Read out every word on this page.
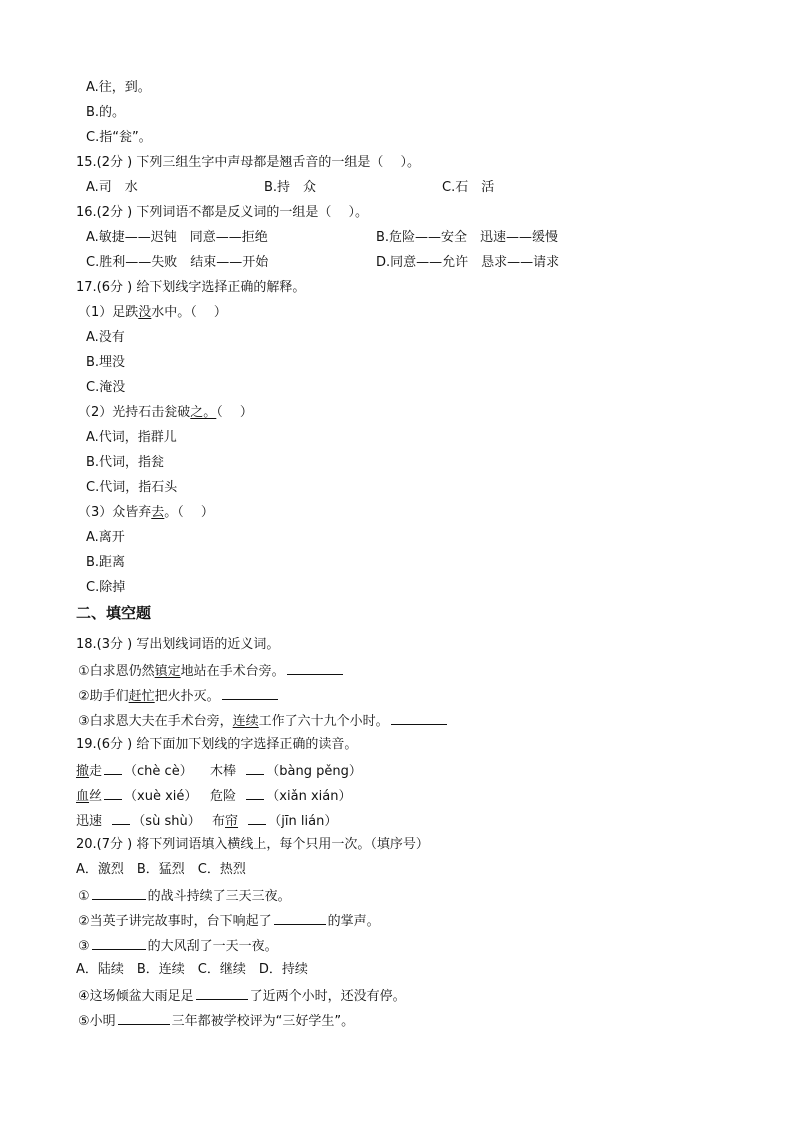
A.往，到。
B.的。
C.指“瓮”。
15.(2分 ) 下列三组生字中声母都是翘舌音的一组是（　 ）。
A.司　水	B.持　众	C.石　活
16.(2分 ) 下列词语不都是反义词的一组是（　 ）。
A.敏捷——迟钝　同意——拒绝	B.危险——安全　迅速——缓慢
C.胜利——失败　结束——开始	D.同意——允许　恳求——请求
17.(6分 ) 给下划线字选择正确的解释。
（1）足跌没水中。（　 ）
A.没有
B.埋没
C.淹没
（2）光持石击瓮破之。（　 ）
A.代词，指群儿
B.代词，指瓮
C.代词，指石头
（3）众皆弃去。（　 ）
A.离开
B.距离
C.除掉
二、填空题
18.(3分 ) 写出划线词语的近义词。
①白求恩仍然镇定地站在手术台旁。
②助手们赶忙把火扑灭。
③白求恩大夫在手术台旁，连续工作了六十九个小时。
19.(6分 ) 给下面加下划线的字选择正确的读音。
撤走 （chè cè） 木棒 （bàng pěng）
血丝 （xuè xié） 危险 （xiǎn xián）
迅速 （sù shù） 布帘 （jīn lián）
20.(7分 ) 将下列词语填入横线上，每个只用一次。（填序号）
A．激烈　B．猛烈　C．热烈
①	的战斗持续了三天三夜。
②当英子讲完故事时，台下响起了	的掌声。
③	的大风刮了一天一夜。
A．陆续　B．连续　C．继续　D．持续
④这场倾盆大雨足足	了近两个小时，还没有停。
⑤小明	三年都被学校评为“三好学生”。
